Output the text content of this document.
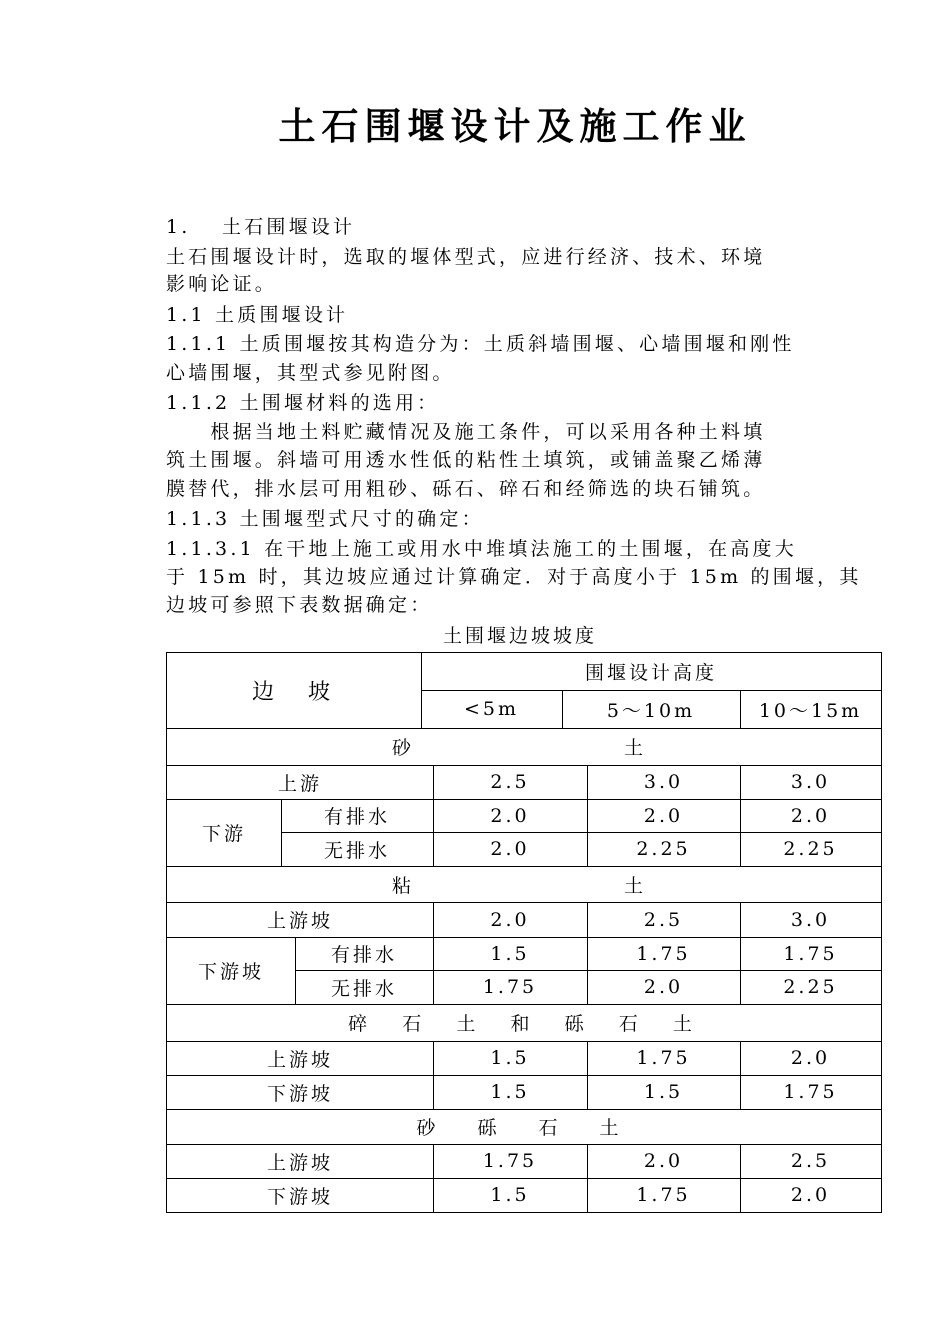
土石围堰设计及施工作业
1.　 土石围堰设计
土石围堰设计时，选取的堰体型式，应进行经济、技术、环境
影响论证。
1.1 土质围堰设计
1.1.1 土质围堰按其构造分为：土质斜墙围堰、心墙围堰和刚性
心墙围堰，其型式参见附图。
1.1.2 土围堰材料的选用：
　　根据当地土料贮藏情况及施工条件，可以采用各种土料填
筑土围堰。斜墙可用透水性低的粘性土填筑，或铺盖聚乙烯薄
膜替代，排水层可用粗砂、砾石、碎石和经筛选的块石铺筑。
1.1.3 土围堰型式尺寸的确定：
1.1.3.1 在干地上施工或用水中堆填法施工的土围堰，在高度大
于 15m 时，其边坡应通过计算确定．对于高度小于 15m 的围堰，其
边坡可参照下表数据确定：
土围堰边坡坡度
边　坡
围堰设计高度
<5m	5～10m	10～15m
砂	土
上游	2.5	3.0	3.0
下游
有排水	2.0	2.0	2.0
无排水	2.0	2.25	2.25
粘	土
上游坡	2.0	2.5	3.0
下游坡
有排水	1.5	1.75	1.75
无排水	1.75	2.0	2.25
碎 石 土 和 砾 石 土
上游坡	1.5	1.75	2.0
下游坡	1.5	1.5	1.75
砂 砾 石 土
上游坡	1.75	2.0	2.5
下游坡	1.5	1.75	2.0
